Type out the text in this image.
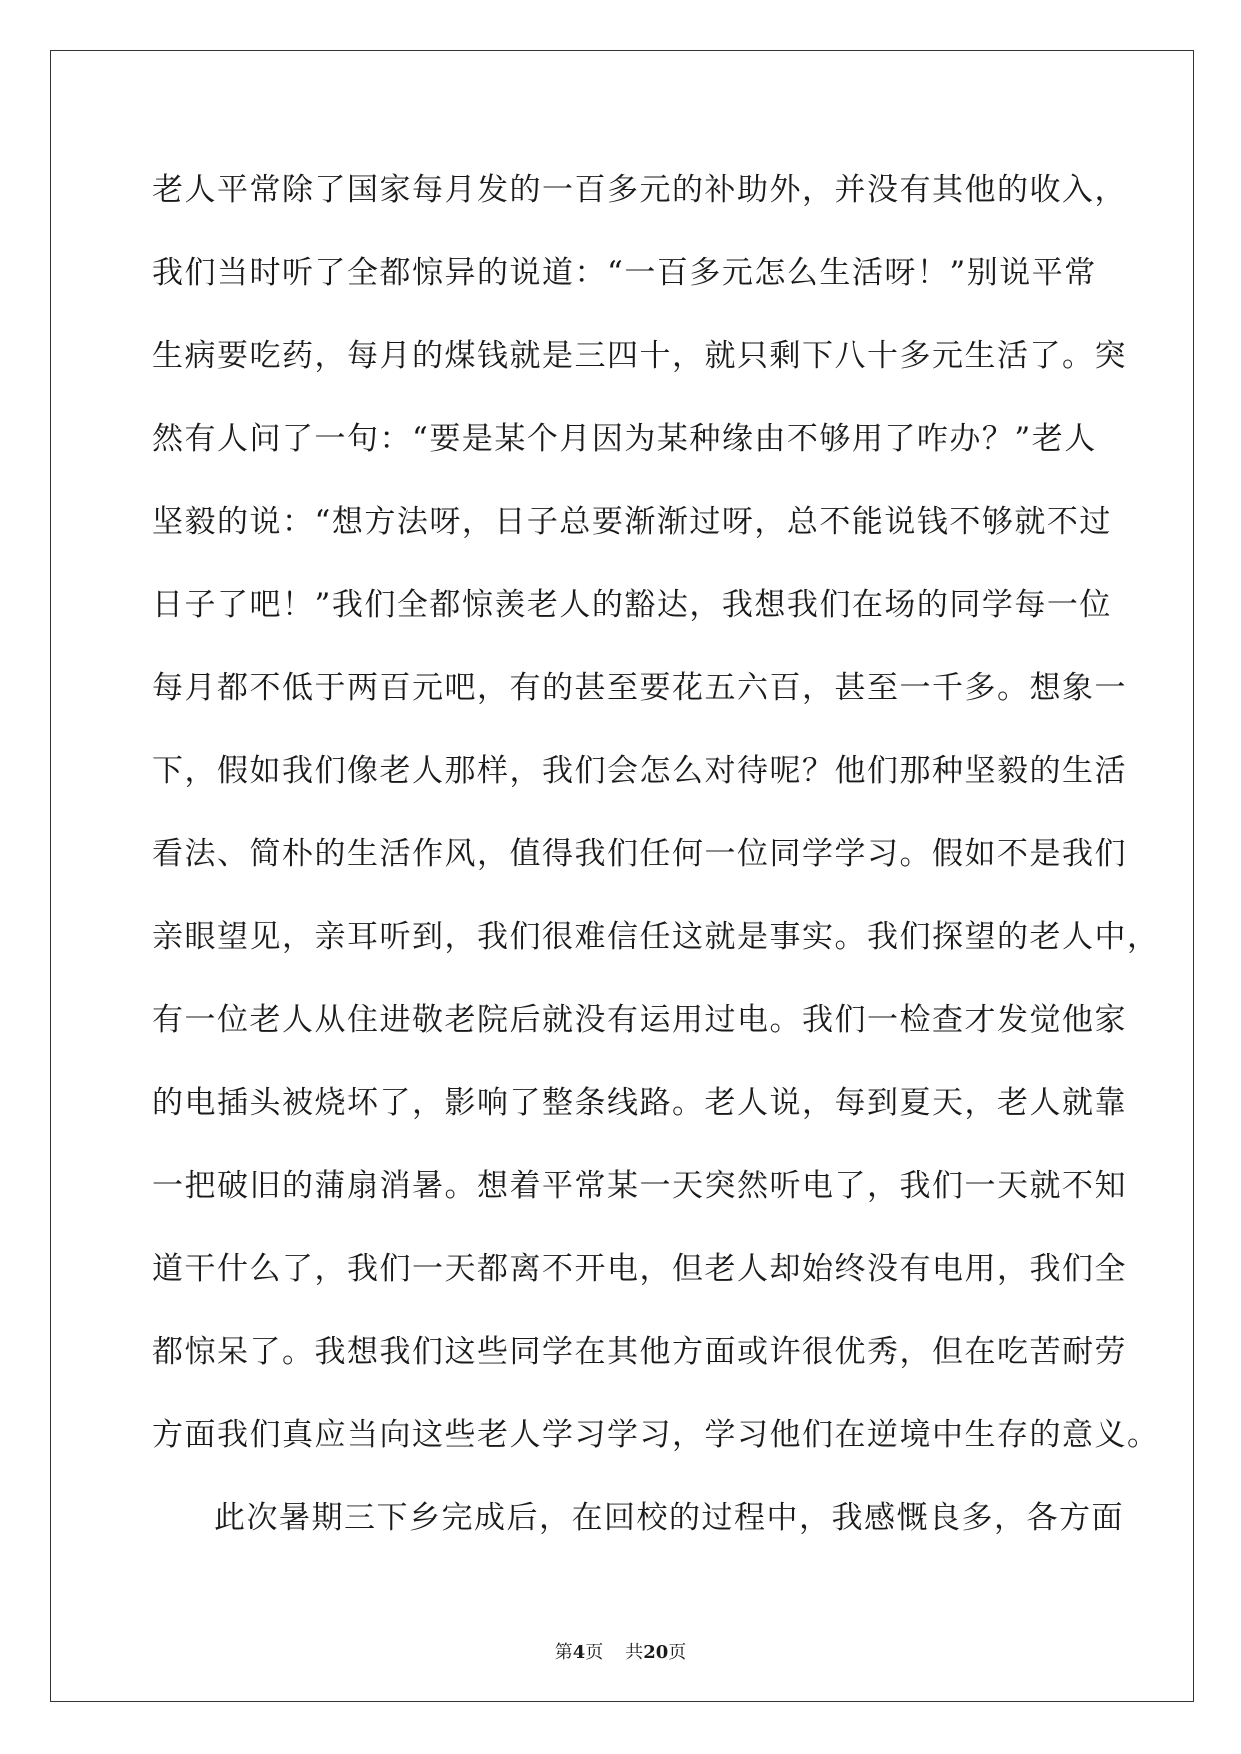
老人平常除了国家每月发的一百多元的补助外，并没有其他的收入，
我们当时听了全都惊异的说道：“一百多元怎么生活呀！”别说平常
生病要吃药，每月的煤钱就是三四十，就只剩下八十多元生活了。突
然有人问了一句：“要是某个月因为某种缘由不够用了咋办？”老人
坚毅的说：“想方法呀，日子总要渐渐过呀，总不能说钱不够就不过
日子了吧！”我们全都惊羡老人的豁达，我想我们在场的同学每一位
每月都不低于两百元吧，有的甚至要花五六百，甚至一千多。想象一
下，假如我们像老人那样，我们会怎么对待呢？他们那种坚毅的生活
看法、简朴的生活作风，值得我们任何一位同学学习。假如不是我们
亲眼望见，亲耳听到，我们很难信任这就是事实。我们探望的老人中，
有一位老人从住进敬老院后就没有运用过电。我们一检查才发觉他家
的电插头被烧坏了，影响了整条线路。老人说，每到夏天，老人就靠
一把破旧的蒲扇消暑。想着平常某一天突然听电了，我们一天就不知
道干什么了，我们一天都离不开电，但老人却始终没有电用，我们全
都惊呆了。我想我们这些同学在其他方面或许很优秀，但在吃苦耐劳
方面我们真应当向这些老人学习学习，学习他们在逆境中生存的意义。
此次暑期三下乡完成后，在回校的过程中，我感慨良多，各方面
第4页 共20页
